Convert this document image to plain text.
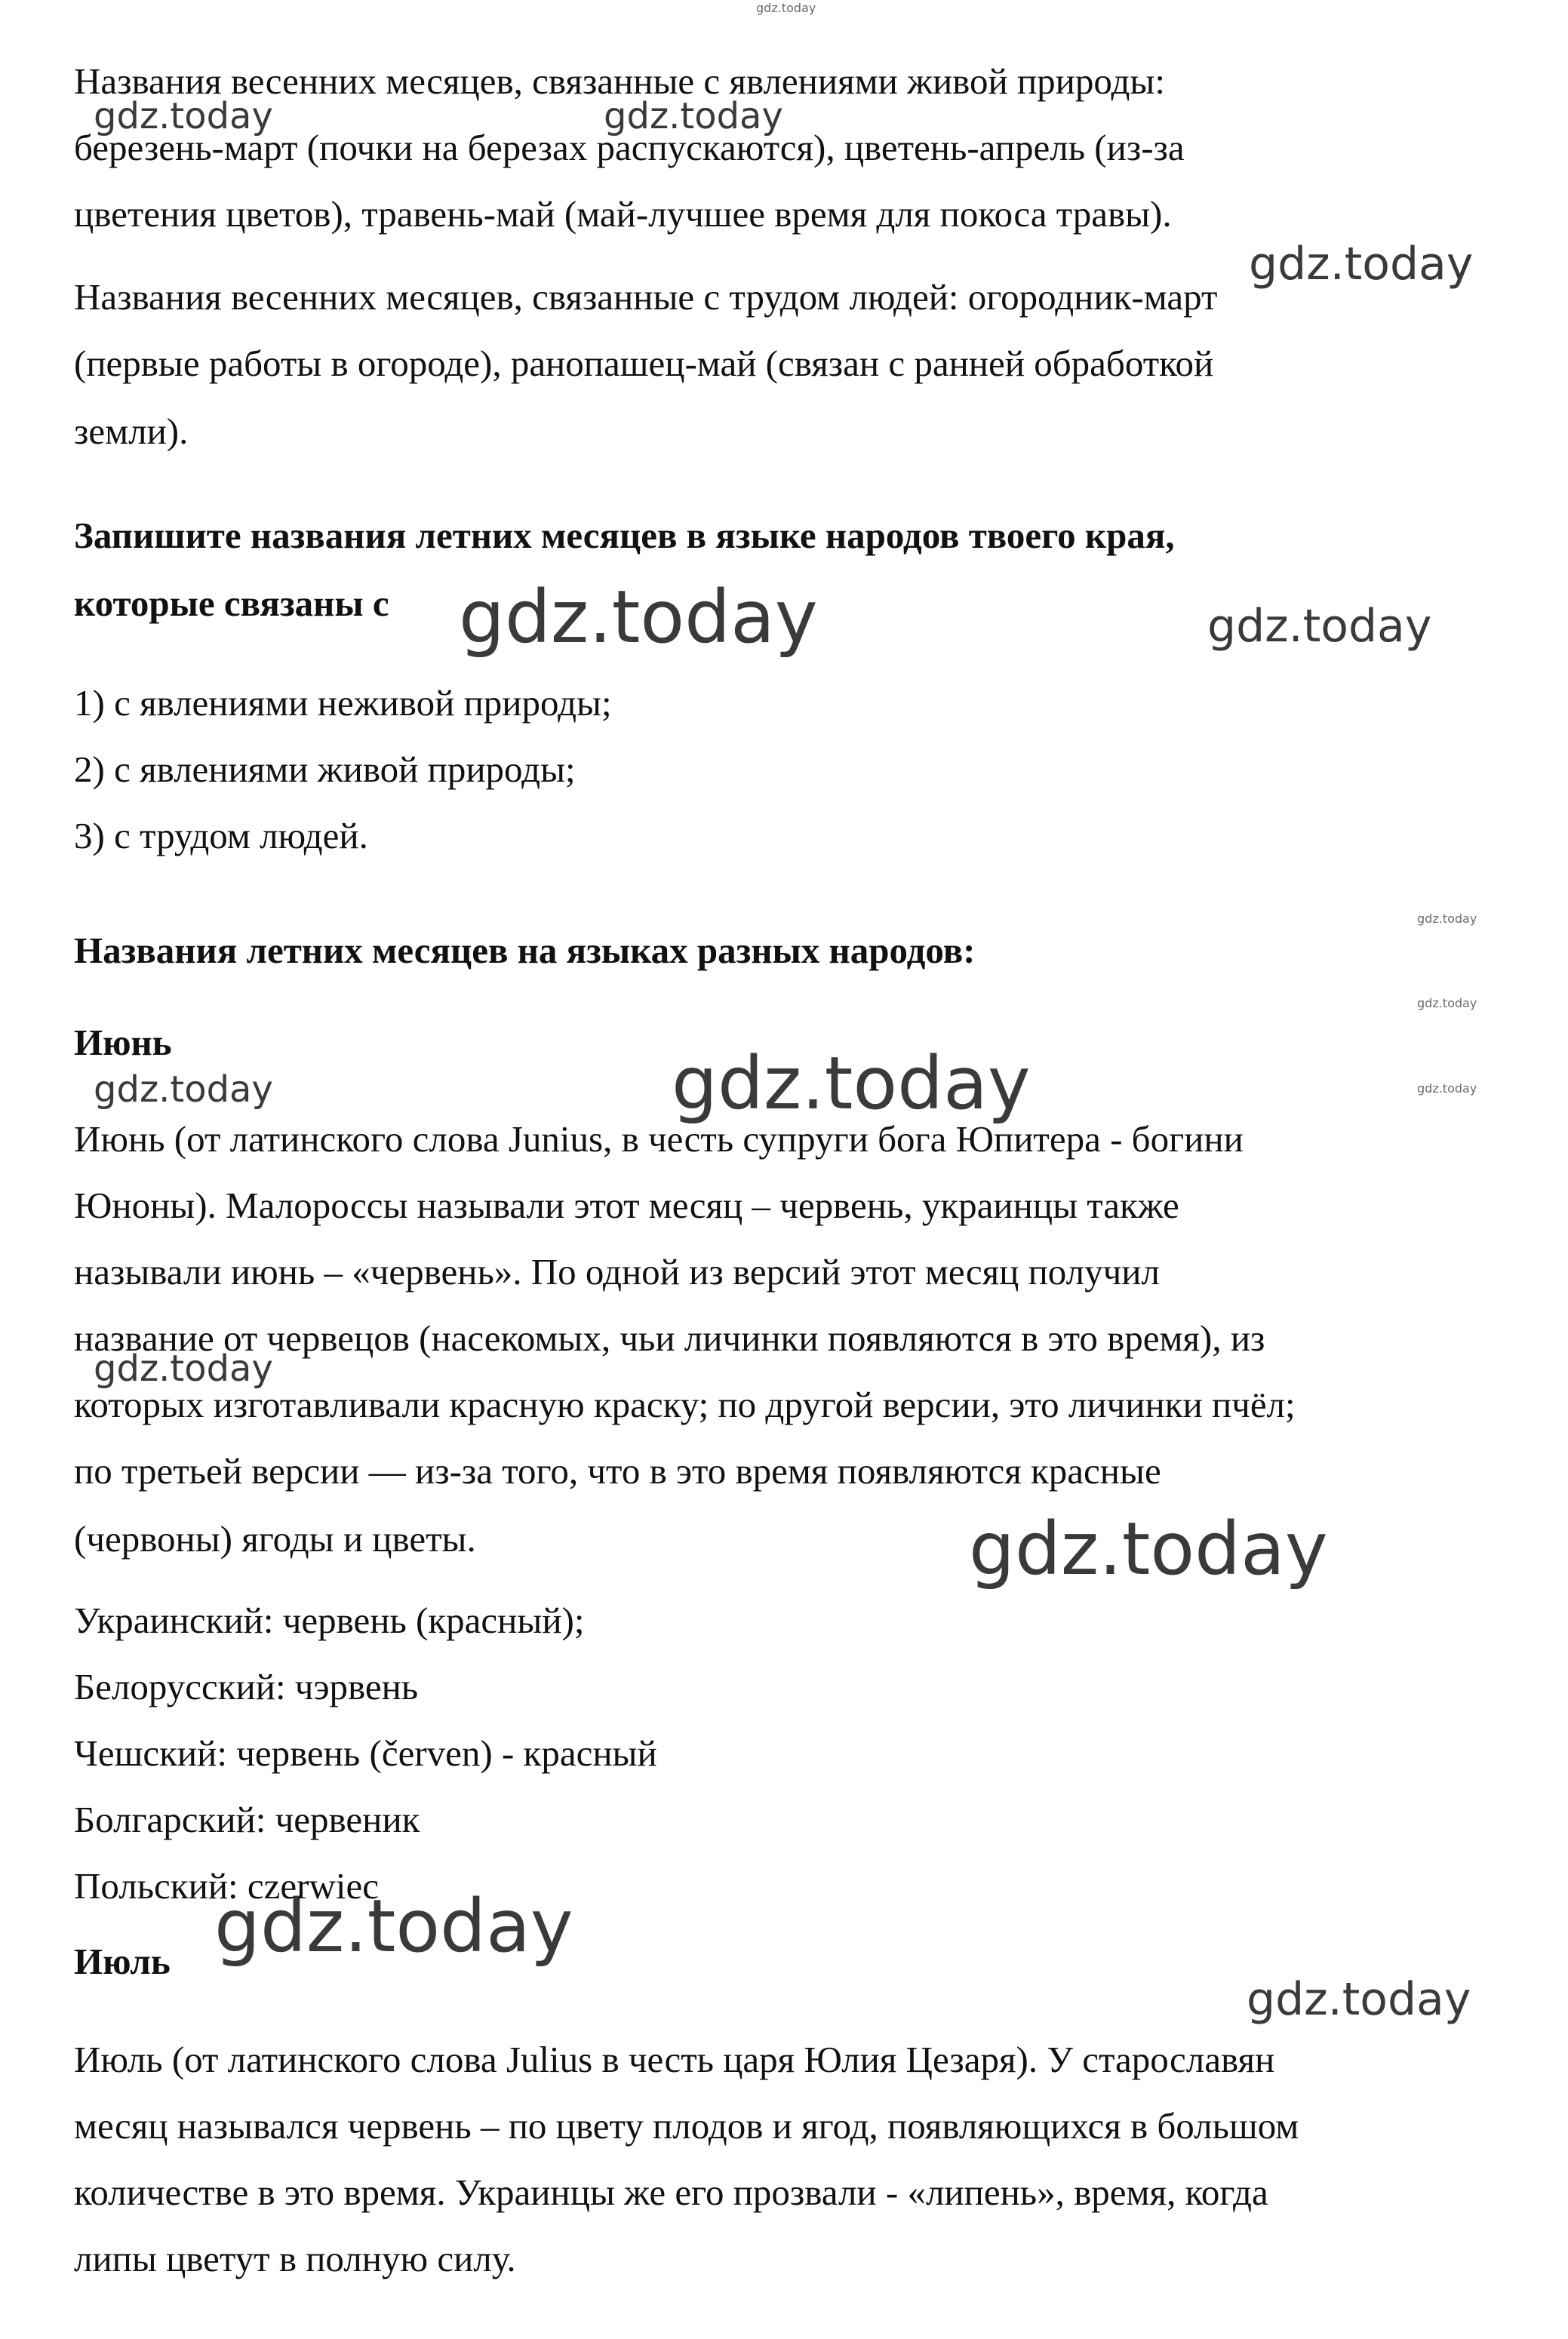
gdz.today
gdz.today	gdz.today
gdz.today
gdz.today	gdz.today
gdz.today
gdz.today
gdz.today	gdz.today	gdz.today
gdz.today
gdz.today
gdz.today
gdz.today
Названия весенних месяцев, связанные с явлениями живой природы:
березень-март (почки на березах распускаются), цветень-апрель (из-за
цветения цветов), травень-май (май-лучшее время для покоса травы).
Названия весенних месяцев, связанные с трудом людей: огородник-март
(первые работы в огороде), ранопашец-май (связан с ранней обработкой
земли).
Запишите названия летних месяцев в языке народов твоего края,
которые связаны с
1) с явлениями неживой природы;
2) с явлениями живой природы;
3) с трудом людей.
Названия летних месяцев на языках разных народов:
Июнь
Июнь (от латинского слова Junius, в честь супруги бога Юпитера - богини
Юноны). Малороссы называли этот месяц – червень, украинцы также
называли июнь – «червень». По одной из версий этот месяц получил
название от червецов (насекомых, чьи личинки появляются в это время), из
которых изготавливали красную краску; по другой версии, это личинки пчёл;
по третьей версии — из-за того, что в это время появляются красные
(червоны) ягоды и цветы.
Украинский: червень (красный);
Белорусский: чэрвень
Чешский: червень (červen) - красный
Болгарский: червеник
Польский: czerwiec
Июль
Июль (от латинского слова Julius в честь царя Юлия Цезаря). У старославян
месяц назывался червень – по цвету плодов и ягод, появляющихся в большом
количестве в это время. Украинцы же его прозвали - «липень», время, когда
липы цветут в полную силу.
